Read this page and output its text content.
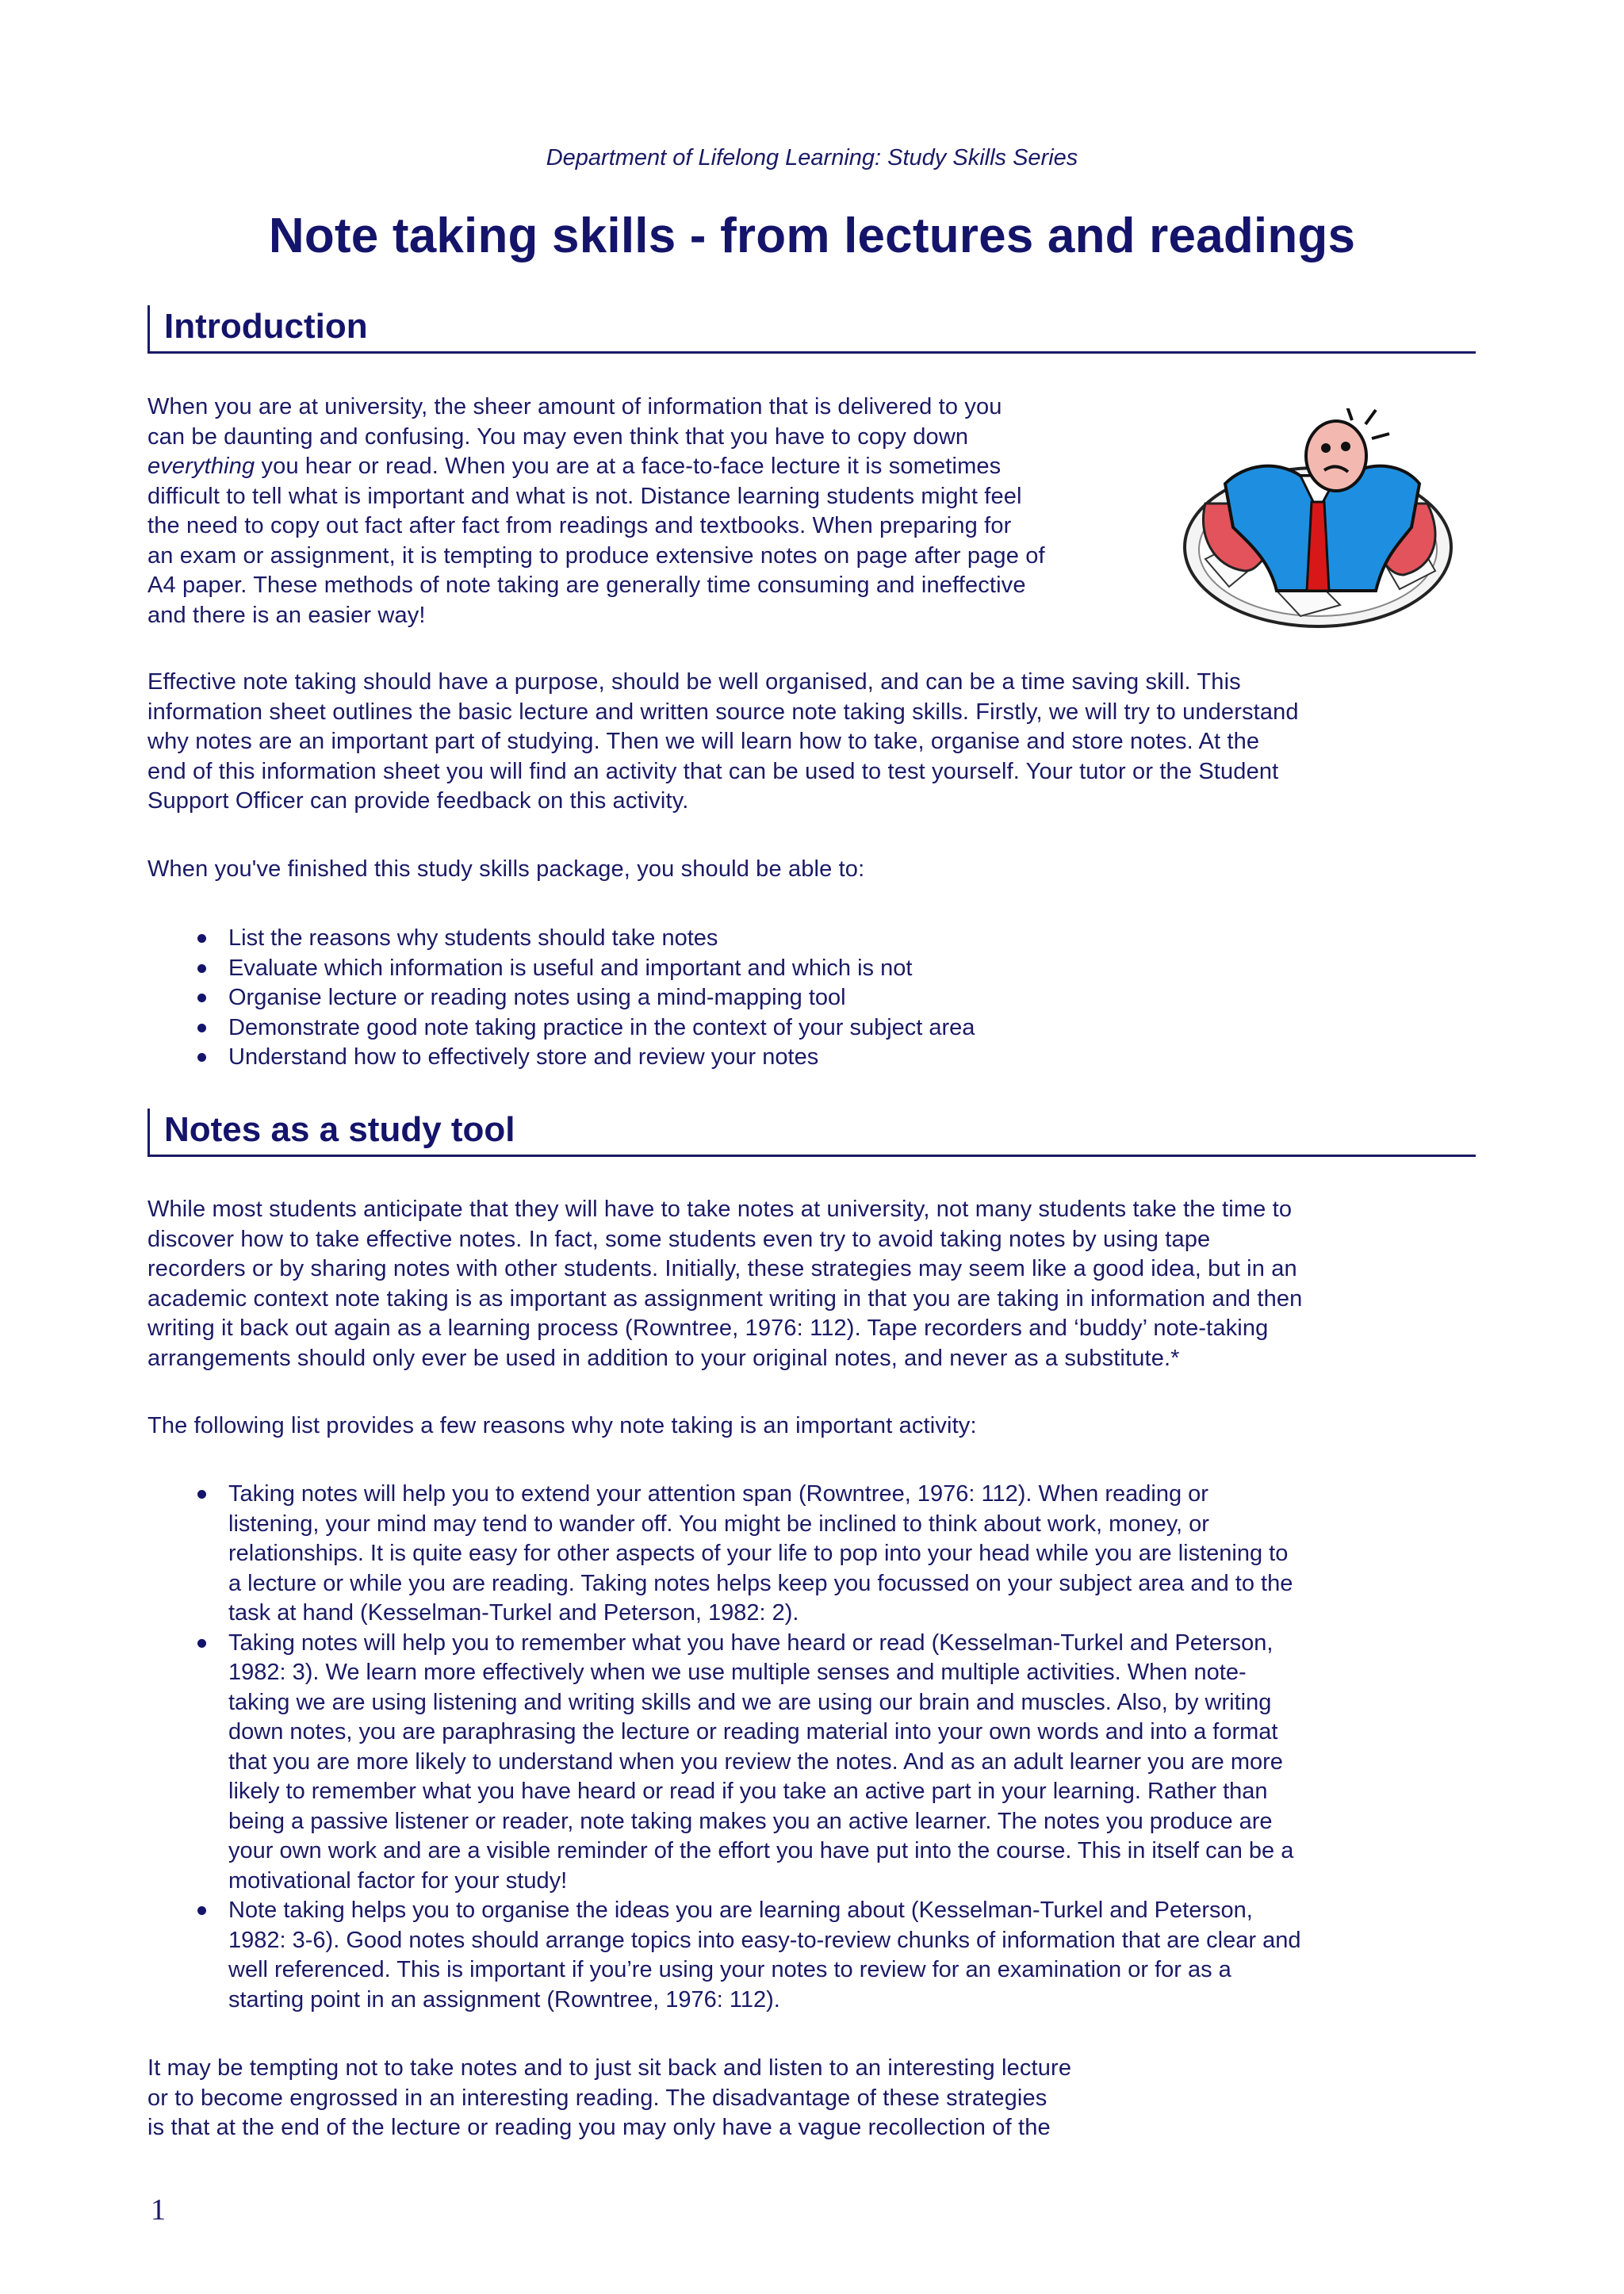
Department of Lifelong Learning: Study Skills Series
Note taking skills - from lectures and readings
Introduction
When you are at university, the sheer amount of information that is delivered to you
can be daunting and confusing. You may even think that you have to copy down
everything you hear or read. When you are at a face-to-face lecture it is sometimes
difficult to tell what is important and what is not. Distance learning students might feel
the need to copy out fact after fact from readings and textbooks. When preparing for
an exam or assignment, it is tempting to produce extensive notes on page after page of
A4 paper. These methods of note taking are generally time consuming and ineffective
and there is an easier way!
Effective note taking should have a purpose, should be well organised, and can be a time saving skill. This
information sheet outlines the basic lecture and written source note taking skills. Firstly, we will try to understand
why notes are an important part of studying. Then we will learn how to take, organise and store notes. At the
end of this information sheet you will find an activity that can be used to test yourself. Your tutor or the Student
Support Officer can provide feedback on this activity.
When you've finished this study skills package, you should be able to:
List the reasons why students should take notes
Evaluate which information is useful and important and which is not
Organise lecture or reading notes using a mind-mapping tool
Demonstrate good note taking practice in the context of your subject area
Understand how to effectively store and review your notes
Notes as a study tool
While most students anticipate that they will have to take notes at university, not many students take the time to
discover how to take effective notes. In fact, some students even try to avoid taking notes by using tape
recorders or by sharing notes with other students. Initially, these strategies may seem like a good idea, but in an
academic context note taking is as important as assignment writing in that you are taking in information and then
writing it back out again as a learning process (Rowntree, 1976: 112). Tape recorders and ‘buddy’ note-taking
arrangements should only ever be used in addition to your original notes, and never as a substitute.*
The following list provides a few reasons why note taking is an important activity:
Taking notes will help you to extend your attention span (Rowntree, 1976: 112). When reading or
listening, your mind may tend to wander off. You might be inclined to think about work, money, or
relationships. It is quite easy for other aspects of your life to pop into your head while you are listening to
a lecture or while you are reading. Taking notes helps keep you focussed on your subject area and to the
task at hand (Kesselman-Turkel and Peterson, 1982: 2).
Taking notes will help you to remember what you have heard or read (Kesselman-Turkel and Peterson,
1982: 3). We learn more effectively when we use multiple senses and multiple activities. When note-
taking we are using listening and writing skills and we are using our brain and muscles. Also, by writing
down notes, you are paraphrasing the lecture or reading material into your own words and into a format
that you are more likely to understand when you review the notes. And as an adult learner you are more
likely to remember what you have heard or read if you take an active part in your learning. Rather than
being a passive listener or reader, note taking makes you an active learner. The notes you produce are
your own work and are a visible reminder of the effort you have put into the course. This in itself can be a
motivational factor for your study!
Note taking helps you to organise the ideas you are learning about (Kesselman-Turkel and Peterson,
1982: 3-6). Good notes should arrange topics into easy-to-review chunks of information that are clear and
well referenced. This is important if you’re using your notes to review for an examination or for as a
starting point in an assignment (Rowntree, 1976: 112).
It may be tempting not to take notes and to just sit back and listen to an interesting lecture
or to become engrossed in an interesting reading. The disadvantage of these strategies
is that at the end of the lecture or reading you may only have a vague recollection of the
1
